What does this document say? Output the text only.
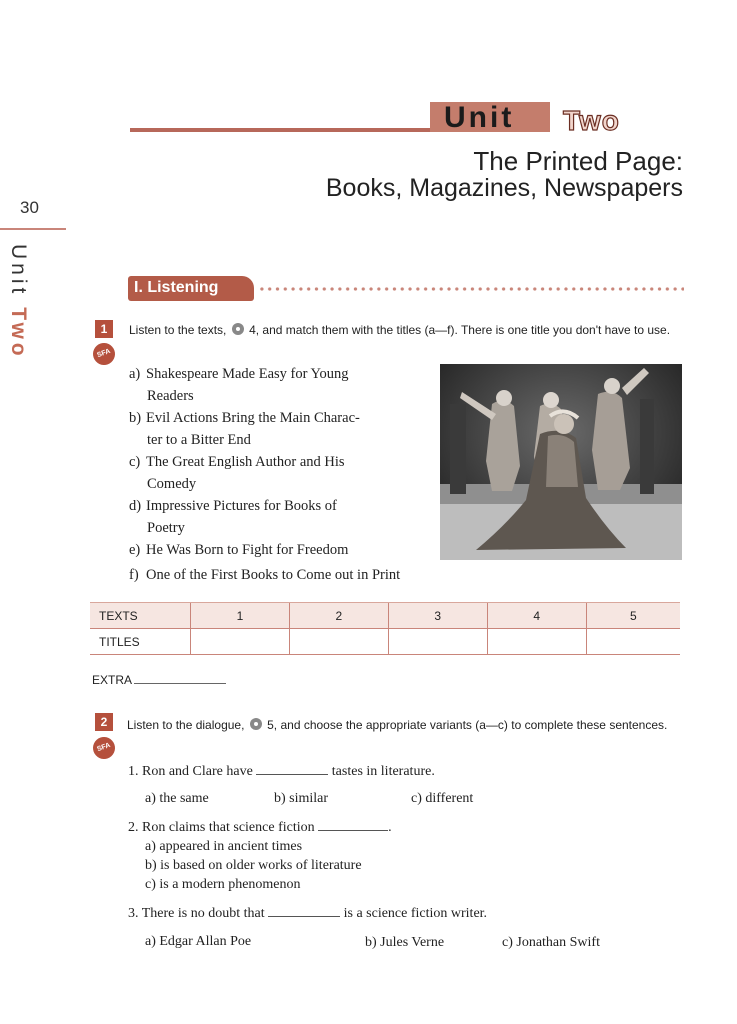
Unit Two
The Printed Page:
Books, Magazines, Newspapers
30
Unit Two
I. Listening
1
SFA
Listen to the texts, 4, and match them with the titles (a—f). There is one title you don't have to use.
a) Shakespeare Made Easy for Young
Readers
b) Evil Actions Bring the Main Charac-
ter to a Bitter End
c) The Great English Author and His
Comedy
d) Impressive Pictures for Books of
Poetry
e) He Was Born to Fight for Freedom
f) One of the First Books to Come out in Print
TEXTS	1	2	3	4	5
TITLES					
EXTRA
2
SFA
Listen to the dialogue, 5, and choose the appropriate variants (a—c) to complete these sentences.
1. Ron and Clare have	tastes in literature.
a) the same	b) similar	c) different
2. Ron claims that science fiction	.
a) appeared in ancient times
b) is based on older works of literature
c) is a modern phenomenon
3. There is no doubt that	is a science fiction writer.
a) Edgar Allan Poe	b) Jules Verne	c) Jonathan Swift
